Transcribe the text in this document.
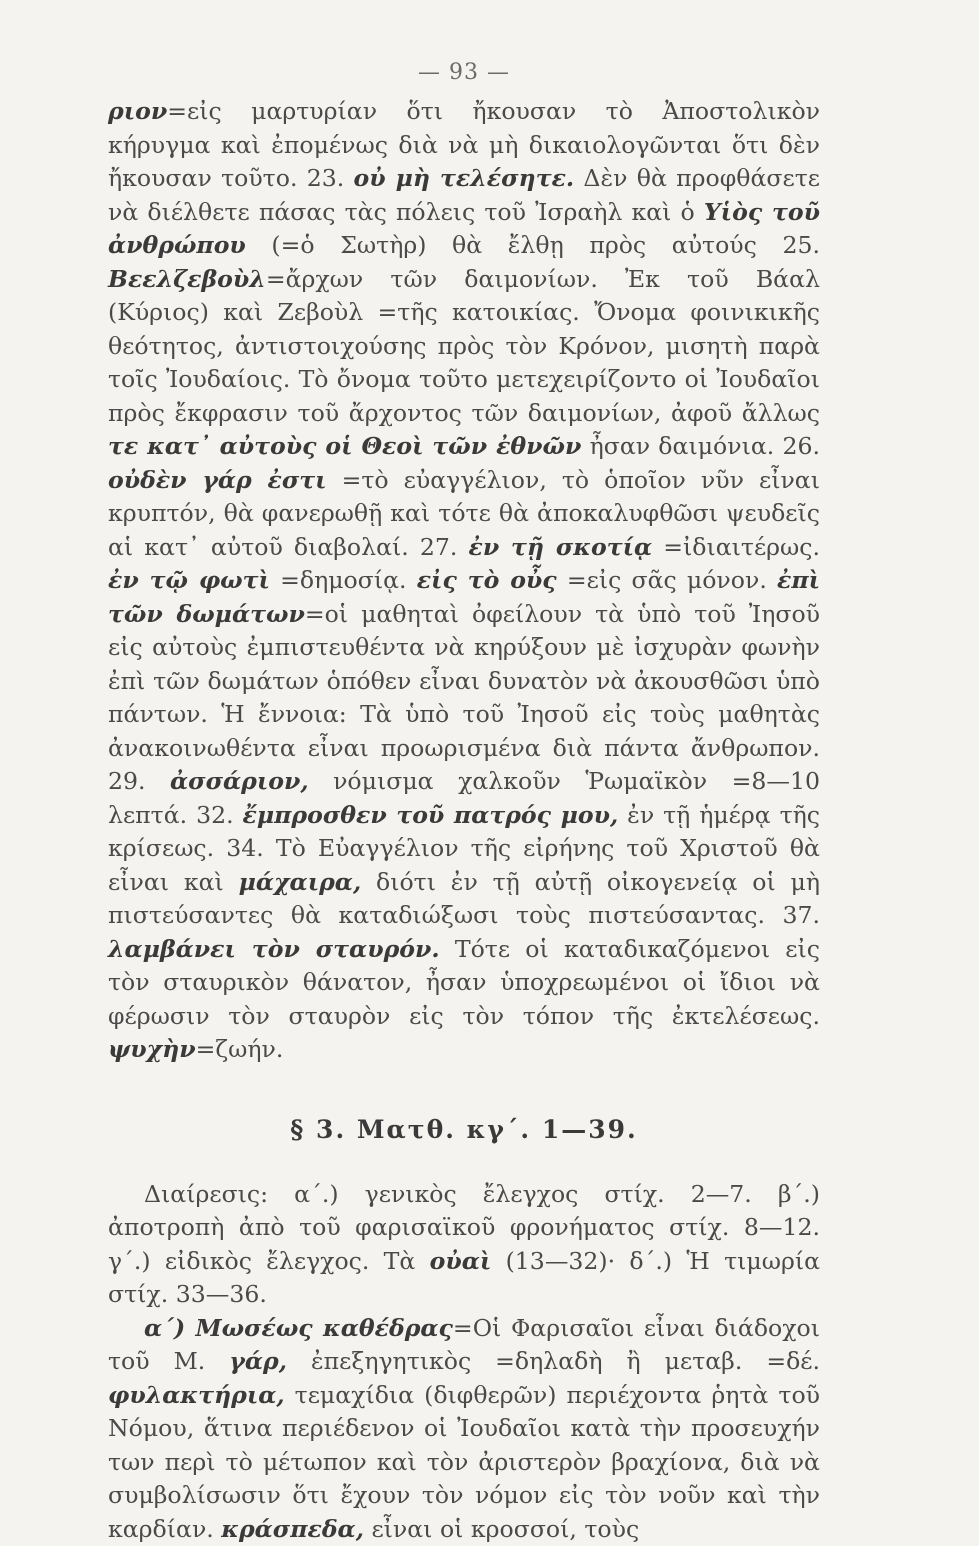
— 93 —

ριον=εἰς μαρτυρίαν ὅτι ἤκουσαν τὸ Ἀποστολικὸν κήρυγμα καὶ ἐπομένως διὰ νὰ μὴ δικαιολογῶνται ὅτι δὲν ἤκουσαν τοῦτο. 23. οὐ μὴ τελέσητε. Δὲν θὰ προφθάσετε νὰ διέλθετε πάσας τὰς πόλεις τοῦ Ἰσραὴλ καὶ ὁ Υἱὸς τοῦ ἀνθρώπου (=ὁ Σωτὴρ) θὰ ἔλθῃ πρὸς αὐτούς 25. Βεελζεβοὺλ=ἄρχων τῶν δαιμονίων. Ἐκ τοῦ Βάαλ (Κύριος) καὶ Ζεβοὺλ =τῆς κατοικίας. Ὄνομα φοινικικῆς θεότητος, ἀντιστοιχούσης πρὸς τὸν Κρόνον, μισητὴ παρὰ τοῖς Ἰουδαίοις. Τὸ ὄνομα τοῦτο μετεχειρίζοντο οἱ Ἰουδαῖοι πρὸς ἔκφρασιν τοῦ ἄρχοντος τῶν δαιμονίων, ἀφοῦ ἄλλως τε κατ᾽ αὐτοὺς οἱ Θεοὶ τῶν ἐθνῶν ἦσαν δαιμόνια. 26. οὐδὲν γάρ ἐστι =τὸ εὐαγγέλιον, τὸ ὁποῖον νῦν εἶναι κρυπτόν, θὰ φανερωθῇ καὶ τότε θὰ ἀποκαλυφθῶσι ψευδεῖς αἱ κατ᾽ αὐτοῦ διαβολαί. 27. ἐν τῇ σκοτίᾳ =ἰδιαιτέρως. ἐν τῷ φωτὶ =δημοσίᾳ. εἰς τὸ οὖς =εἰς σᾶς μόνον. ἐπὶ τῶν δωμάτων=οἱ μαθηταὶ ὀφείλουν τὰ ὑπὸ τοῦ Ἰησοῦ εἰς αὐτοὺς ἐμπιστευθέντα νὰ κηρύξουν μὲ ἰσχυρὰν φωνὴν ἐπὶ τῶν δωμάτων ὁπόθεν εἶναι δυνατὸν νὰ ἀκουσθῶσι ὑπὸ πάντων. Ἡ ἔννοια: Τὰ ὑπὸ τοῦ Ἰησοῦ εἰς τοὺς μαθητὰς ἀνακοινωθέντα εἶναι προωρισμένα διὰ πάντα ἄνθρωπον. 29. ἀσσάριον, νόμισμα χαλκοῦν Ῥωμαϊκὸν =8—10 λεπτά. 32. ἔμπροσθεν τοῦ πατρός μου, ἐν τῇ ἡμέρᾳ τῆς κρίσεως. 34. Τὸ Εὐαγγέλιον τῆς εἰρήνης τοῦ Χριστοῦ θὰ εἶναι καὶ μάχαιρα, διότι ἐν τῇ αὐτῇ οἰκογενείᾳ οἱ μὴ πιστεύσαντες θὰ καταδιώξωσι τοὺς πιστεύσαντας. 37. λαμβάνει τὸν σταυρόν. Τότε οἱ καταδικαζόμενοι εἰς τὸν σταυρικὸν θάνατον, ἦσαν ὑποχρεωμένοι οἱ ἴδιοι νὰ φέρωσιν τὸν σταυρὸν εἰς τὸν τόπον τῆς ἐκτελέσεως. ψυχὴν=ζωήν.

§ 3. Ματθ. κγ΄. 1—39.

Διαίρεσις: α΄.) γενικὸς ἔλεγχος στίχ. 2—7. β΄.) ἀποτροπὴ ἀπὸ τοῦ φαρισαϊκοῦ φρονήματος στίχ. 8—12. γ΄.) εἰδικὸς ἔλεγχος. Τὰ οὐαὶ (13—32)· δ΄.) Ἡ τιμωρία στίχ. 33—36.

α΄) Μωσέως καθέδρας=Οἱ Φαρισαῖοι εἶναι διάδοχοι τοῦ Μ. γάρ, ἐπεξηγητικὸς =δηλαδὴ ἢ μεταβ. =δέ. φυλακτήρια, τεμαχίδια (διφθερῶν) περιέχοντα ῥητὰ τοῦ Νόμου, ἅτινα περιέδενον οἱ Ἰουδαῖοι κατὰ τὴν προσευχήν των περὶ τὸ μέτωπον καὶ τὸν ἀριστερὸν βραχίονα, διὰ νὰ συμβολίσωσιν ὅτι ἔχουν τὸν νόμον εἰς τὸν νοῦν καὶ τὴν καρδίαν. κράσπεδα, εἶναι οἱ κροσσοί, τοὺς
